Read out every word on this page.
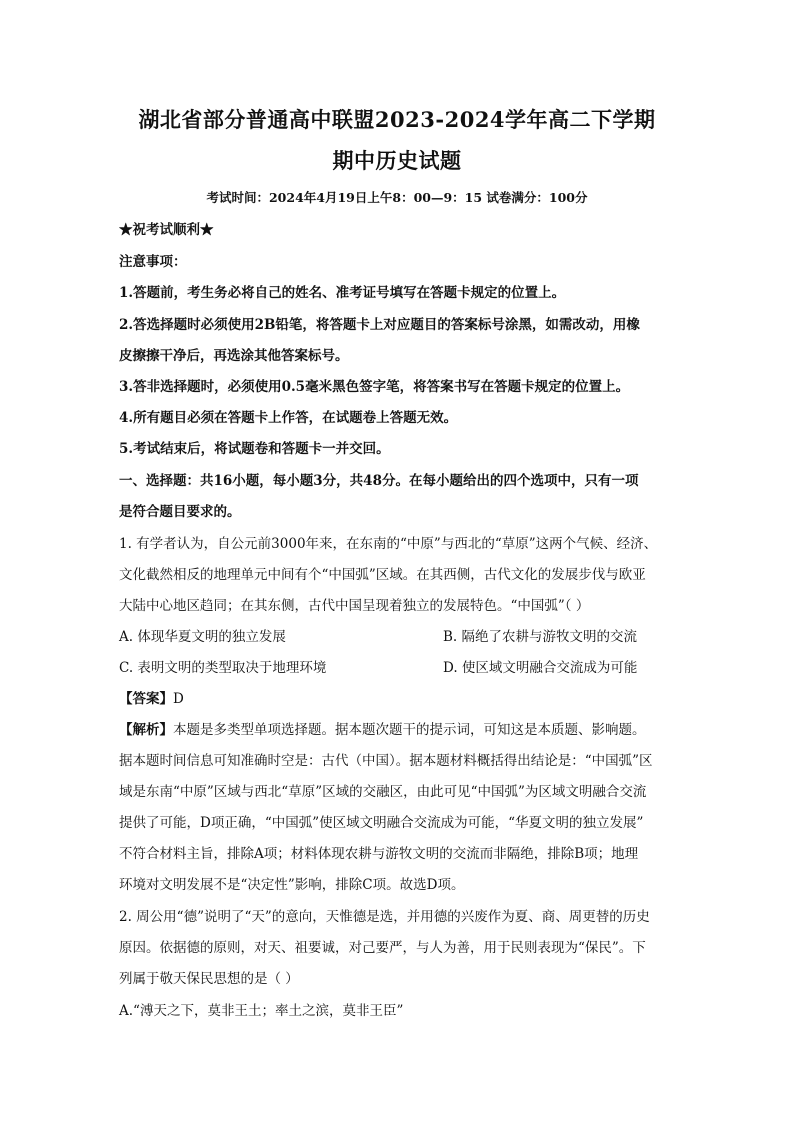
湖北省部分普通高中联盟2023-2024学年高二下学期
期中历史试题
考试时间：2024年4月19日上午8：00—9：15 试卷满分：100分
★祝考试顺利★
注意事项：
1.答题前，考生务必将自己的姓名、准考证号填写在答题卡规定的位置上。
2.答选择题时必须使用2B铅笔，将答题卡上对应题目的答案标号涂黑，如需改动，用橡
皮擦擦干净后，再选涂其他答案标号。
3.答非选择题时，必须使用0.5毫米黑色签字笔，将答案书写在答题卡规定的位置上。
4.所有题目必须在答题卡上作答，在试题卷上答题无效。
5.考试结束后，将试题卷和答题卡一并交回。
一、选择题：共16小题，每小题3分，共48分。在每小题给出的四个选项中，只有一项
是符合题目要求的。
1. 有学者认为，自公元前3000年来，在东南的“中原”与西北的“草原”这两个气候、经济、
文化截然相反的地理单元中间有个“中国弧”区域。在其西侧，古代文化的发展步伐与欧亚
大陆中心地区趋同；在其东侧，古代中国呈现着独立的发展特色。“中国弧”（ ）
A. 体现华夏文明的独立发展	B. 隔绝了农耕与游牧文明的交流
C. 表明文明的类型取决于地理环境	D. 使区域文明融合交流成为可能
【答案】D
【解析】本题是多类型单项选择题。据本题次题干的提示词，可知这是本质题、影响题。
据本题时间信息可知准确时空是：古代（中国）。据本题材料概括得出结论是：“中国弧”区
域是东南“中原”区域与西北“草原”区域的交融区，由此可见“中国弧”为区域文明融合交流
提供了可能，D项正确，“中国弧”使区域文明融合交流成为可能，“华夏文明的独立发展”
不符合材料主旨，排除A项；材料体现农耕与游牧文明的交流而非隔绝，排除B项；地理
环境对文明发展不是“决定性”影响，排除C项。故选D项。
2. 周公用“德”说明了“天”的意向，天惟德是选，并用德的兴废作为夏、商、周更替的历史
原因。依据德的原则，对天、祖要诚，对己要严，与人为善，用于民则表现为“保民”。下
列属于敬天保民思想的是（ ）
A.“溥天之下，莫非王土；率土之滨，莫非王臣”
